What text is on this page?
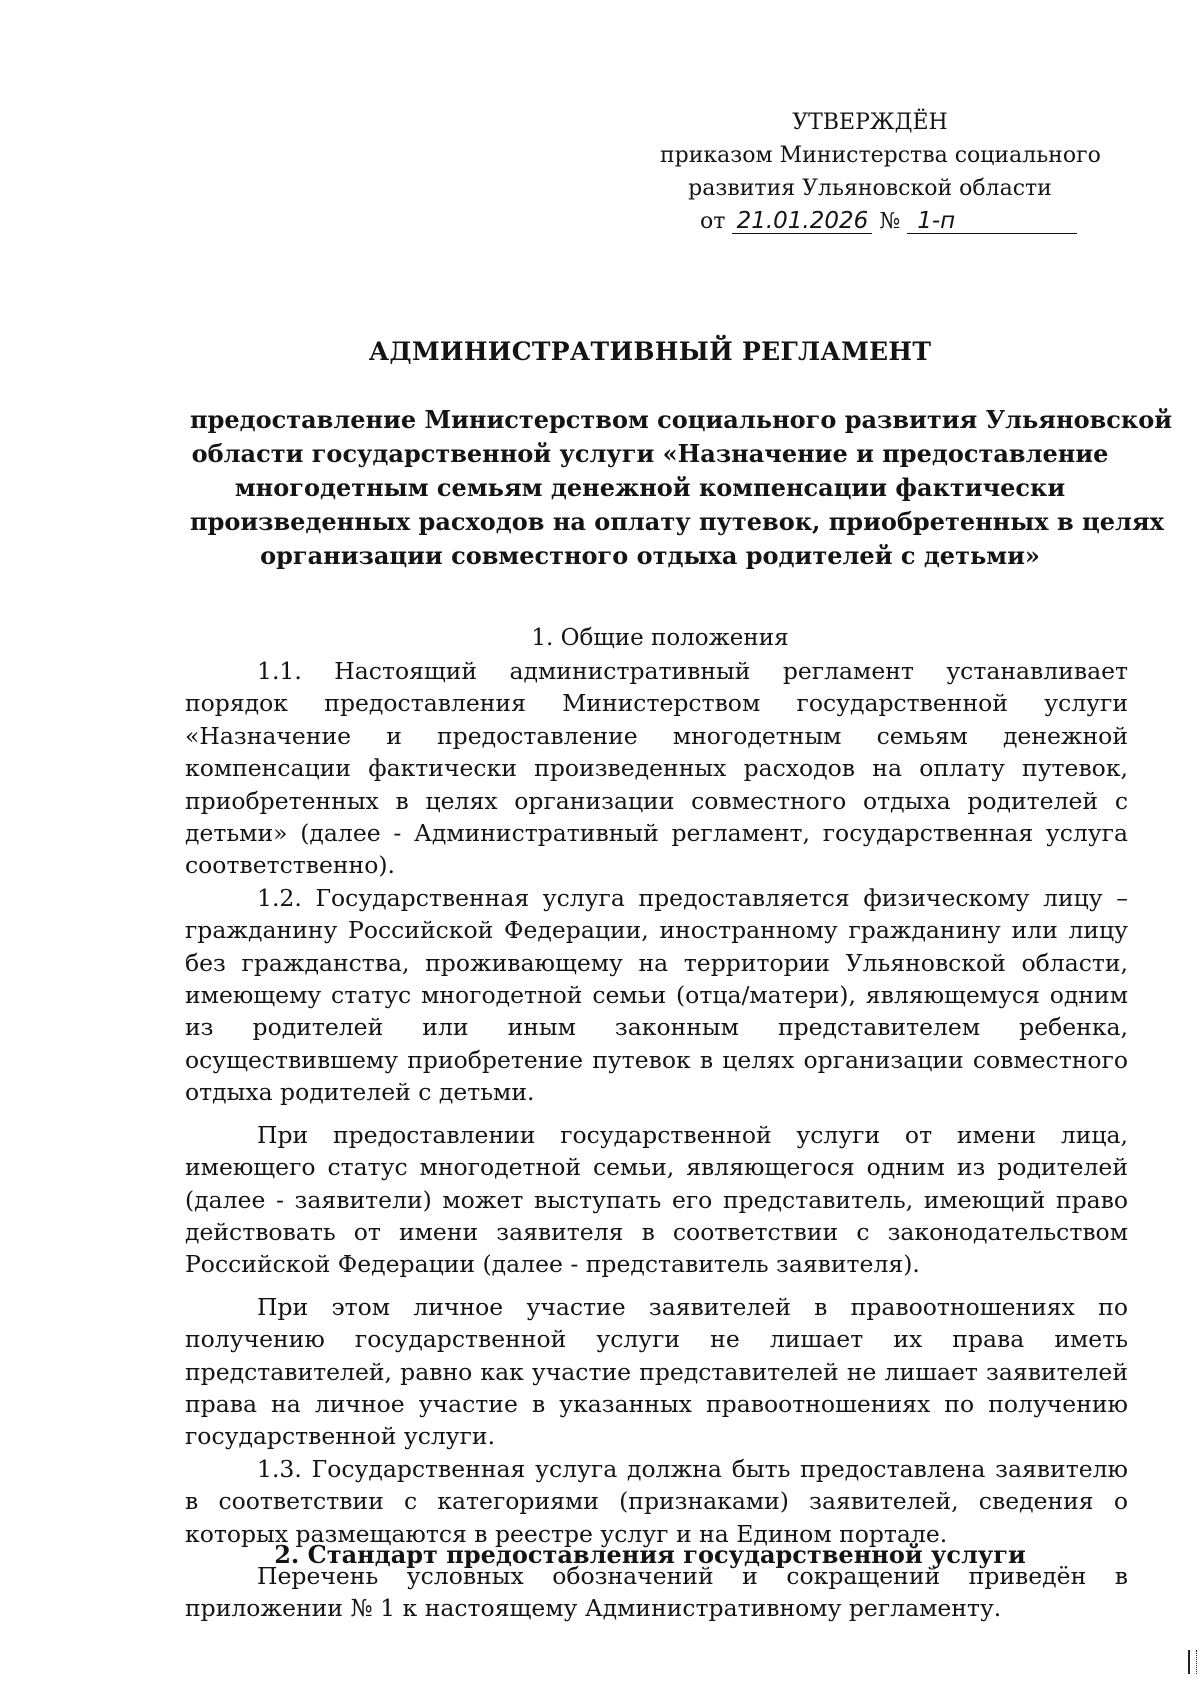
УТВЕРЖДЁН
приказом Министерства социального
развития Ульяновской области
от 21.01.2026 № 1-п
АДМИНИСТРАТИВНЫЙ РЕГЛАМЕНТ
предоставление Министерством социального развития Ульяновской
области государственной услуги «Назначение и предоставление
многодетным семьям денежной компенсации фактически
произведенных расходов на оплату путевок, приобретенных в целях
организации совместного отдыха родителей с детьми»
1. Общие положения

1.1. Настоящий административный регламент устанавливает порядок предоставления Министерством государственной услуги «Назначение и предоставление многодетным семьям денежной компенсации фактически произведенных расходов на оплату путевок, приобретенных в целях организации совместного отдыха родителей с детьми» (далее - Административный регламент, государственная услуга соответственно).

1.2. Государственная услуга предоставляется физическому лицу – гражданину Российской Федерации, иностранному гражданину или лицу без гражданства, проживающему на территории Ульяновской области, имеющему статус многодетной семьи (отца/матери), являющемуся одним из родителей или иным законным представителем ребенка, осуществившему приобретение путевок в целях организации совместного отдыха родителей с детьми.

При предоставлении государственной услуги от имени лица, имеющего статус многодетной семьи, являющегося одним из родителей (далее - заявители) может выступать его представитель, имеющий право действовать от имени заявителя в соответствии с законодательством Российской Федерации (далее - представитель заявителя).

При этом личное участие заявителей в правоотношениях по получению государственной услуги не лишает их права иметь представителей, равно как участие представителей не лишает заявителей права на личное участие в указанных правоотношениях по получению государственной услуги.

1.3. Государственная услуга должна быть предоставлена заявителю в соответствии с категориями (признаками) заявителей, сведения о которых размещаются в реестре услуг и на Едином портале.

Перечень условных обозначений и сокращений приведён в приложении № 1 к настоящему Административному регламенту.

2. Стандарт предоставления государственной услуги
